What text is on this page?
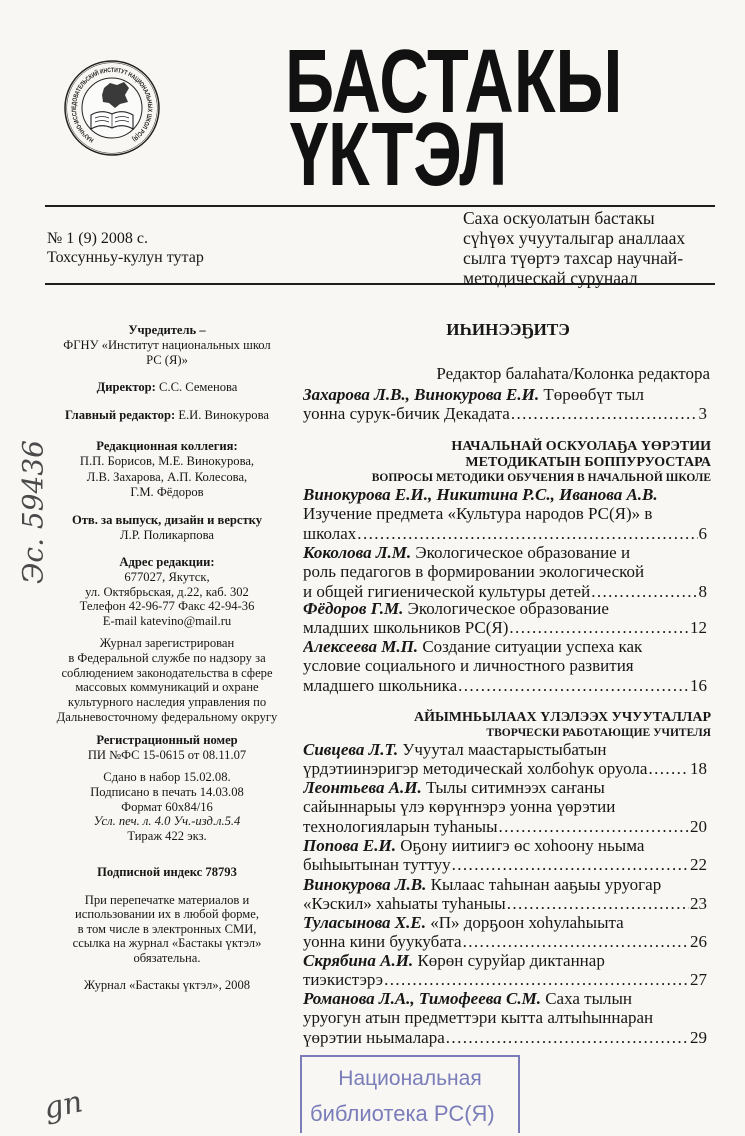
НАУЧНО-ИССЛЕДОВАТЕЛЬСКИЙ ИНСТИТУТ НАЦИОНАЛЬНЫХ ШКОЛ РС(Я)
БАСТАКЫ
ҮКТЭЛ
№ 1 (9) 2008 с.
Тохсунньу-кулун тутар
Саха оскуолатын бастакы
сүһүөх учууталыгар аналлаах
сылга түөртэ тахсар научнай-
методическай сурунаал
Учредитель –
ФГНУ «Институт национальных школ
РС (Я)»
Директор: С.С. Семенова
Главный редактор: Е.И. Винокурова
Редакционная коллегия:
П.П. Борисов, М.Е. Винокурова,
Л.В. Захарова, А.П. Колесова,
Г.М. Фёдоров
Отв. за выпуск, дизайн и верстку
Л.Р. Поликарпова
Адрес редакции:
677027, Якутск,
ул. Октябрьская, д.22, каб. 302
Телефон 42-96-77 Факс 42-94-36
E-mail katevino@mail.ru
Журнал зарегистрирован
в Федеральной службе по надзору за
соблюдением законодательства в сфере
массовых коммуникаций и охране
культурного наследия управления по
Дальневосточному федеральному округу
Регистрационный номер
ПИ №ФС 15-0615 от 08.11.07
Сдано в набор 15.02.08.
Подписано в печать 14.03.08
Формат 60х84/16
Усл. печ. л. 4.0 Уч.-изд.л.5.4
Тираж 422 экз.
Подписной индекс 78793
При перепечатке материалов и
использовании их в любой форме,
в том числе в электронных СМИ,
ссылка на журнал «Бастакы үктэл»
обязательна.
Журнал «Бастакы үктэл», 2008
ИҺИНЭЭҔИТЭ
Редактор балаһата/Колонка редактора
Захарова Л.В., Винокурова Е.И. Төрөөбүт тыл
уонна сурук-бичик Декадата .....	3
НАЧАЛЬНАЙ ОСКУОЛАҔА ҮӨРЭТИИ
МЕТОДИКАТЫН БОППУРУОСТАРА
ВОПРОСЫ МЕТОДИКИ ОБУЧЕНИЯ В НАЧАЛЬНОЙ ШКОЛЕ
Винокурова Е.И., Никитина Р.С., Иванова А.В.
Изучение предмета «Культура народов РС(Я)» в
школах .....	6
Коколова Л.М. Экологическое образование и
роль педагогов в формировании экологической
и общей гигиенической культуры детей .....	8
Фёдоров Г.М. Экологическое образование
младших школьников РС(Я) .....	12
Алексеева М.П. Создание ситуации успеха как
условие социального и личностного развития
младшего школьника .....	16
АЙЫМНЬЫЛААХ ҮЛЭЛЭЭХ УЧУУТАЛЛАР
ТВОРЧЕСКИ РАБОТАЮЩИЕ УЧИТЕЛЯ
Сивцева Л.Т. Учуутал маастарыстыбатын
үрдэтиинэригэр методическай холбоһук оруола .....	18
Леонтьева А.И. Тылы ситимнээх саҥаны
сайыннарыы үлэ көрүҥнэрэ уонна үөрэтии
технологияларын туһаныы .....	20
Попова Е.И. Оҕону иитиигэ өс хоһоону ньыма
быһыытынан туттуу .....	22
Винокурова Л.В. Кылаас таһынан ааҕыы уруогар
«Кэскил» хаһыаты туһаныы .....	23
Туласынова Х.Е. «П» дорҕоон хоһулаһыыта
уонна кини буукубата .....	26
Скрябина А.И. Көрөн суруйар диктаннар
тиэкистэрэ .....	27
Романова Л.А., Тимофеева С.М. Саха тылын
уруогун атын предметтэри кытта алтыһыннаран
үөрэтии ньымалара .....	29
Эс. 59436
gn
Национальная
библиотека РС(Я)
